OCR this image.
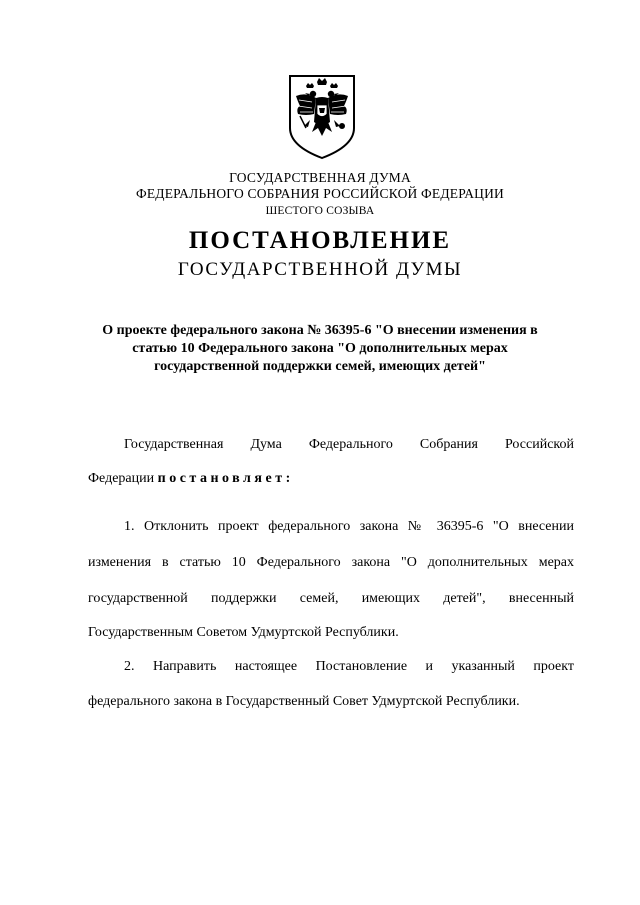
ГОСУДАРСТВЕННАЯ ДУМА
ФЕДЕРАЛЬНОГО СОБРАНИЯ РОССИЙСКОЙ ФЕДЕРАЦИИ
ШЕСТОГО СОЗЫВА
ПОСТАНОВЛЕНИЕ
ГОСУДАРСТВЕННОЙ ДУМЫ
О проекте федерального закона № 36395-6 "О внесении изменения в
статью 10 Федерального закона "О дополнительных мерах
государственной поддержки семей, имеющих детей"
Государственная Дума Федерального Собрания Российской
Федерации постановляет:
1. Отклонить проект федерального закона № 36395-6 "О внесении
изменения в статью 10 Федерального закона "О дополнительных мерах
государственной поддержки семей, имеющих детей", внесенный
Государственным Советом Удмуртской Республики.
2. Направить настоящее Постановление и указанный проект
федерального закона в Государственный Совет Удмуртской Республики.
